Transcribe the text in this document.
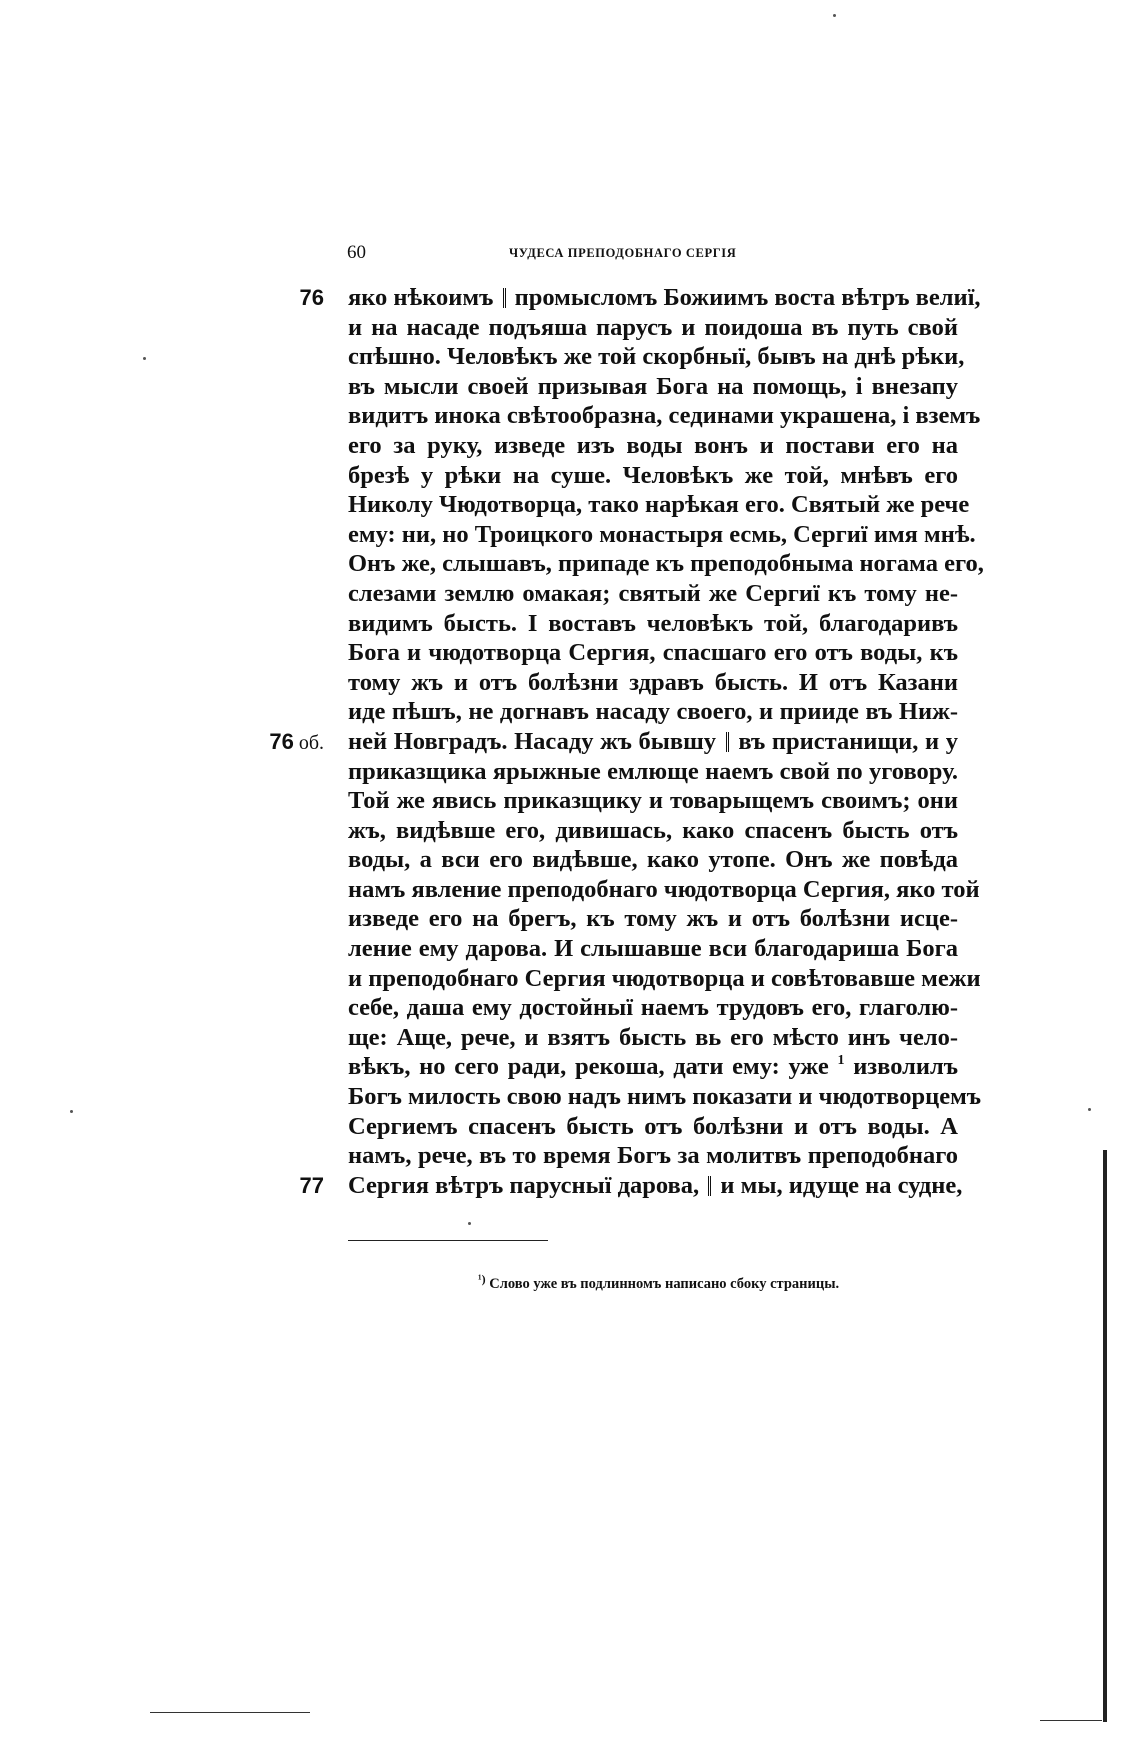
60	ЧУДЕСА ПРЕПОДОБНАГО СЕРГІЯ
76 яко нѣкоимъ промысломъ Божиимъ воста вѣтръ велиї,
и на насаде подъяша парусъ и поидоша въ путь свой
спѣшно. Человѣкъ же той скорбныї, бывъ на днѣ рѣки,
въ мысли своей призывая Бога на помощь, і внезапу
видитъ инока свѣтообразна, сединами украшена, і вземъ
его за руку, изведе изъ воды вонъ и постави его на
брезѣ у рѣки на суше. Человѣкъ же той, мнѣвъ его
Николу Чюдотворца, тако нарѣкая его. Святый же рече
ему: ни, но Троицкого монастыря есмь, Сергиї имя мнѣ.
Онъ же, слышавъ, припаде къ преподобныма ногама его,
слезами землю омакая; святый же Сергиї къ тому не-
видимъ бысть. І воставъ человѣкъ той, благодаривъ
Бога и чюдотворца Сергия, спасшаго его отъ воды, къ
тому жъ и отъ болѣзни здравъ бысть. И отъ Казани
иде пѣшъ, не догнавъ насаду своего, и прииде въ Ниж-
76 об. ней Новградъ. Насаду жъ бывшу въ пристанищи, и у
приказщика ярыжные емлюще наемъ свой по уговору.
Той же явись приказщику и товарыщемъ своимъ; они
жъ, видѣвше его, дивишась, како спасенъ бысть отъ
воды, а вси его видѣвше, како утопе. Онъ же повѣда
намъ явление преподобнаго чюдотворца Сергия, яко той
изведе его на брегъ, къ тому жъ и отъ болѣзни исце-
ление ему дарова. И слышавше вси благодариша Бога
и преподобнаго Сергия чюдотворца и совѣтовавше межи
себе, даша ему достойныї наемъ трудовъ его, глаголю-
ще: Аще, рече, и взятъ бысть вь его мѣсто инъ чело-
вѣкъ, но сего ради, рекоша, дати ему: уже $^1$ изволилъ
Богъ милость свою надъ нимъ показати и чюдотворцемъ
Сергиемъ спасенъ бысть отъ болѣзни и отъ воды. А
намъ, рече, въ то время Богъ за молитвъ преподобнаго
77 Сергия вѣтръ парусныї дарова, и мы, идуще на судне,
$^{^1)}$ Слово уже въ подлинномъ написано сбоку страницы.
